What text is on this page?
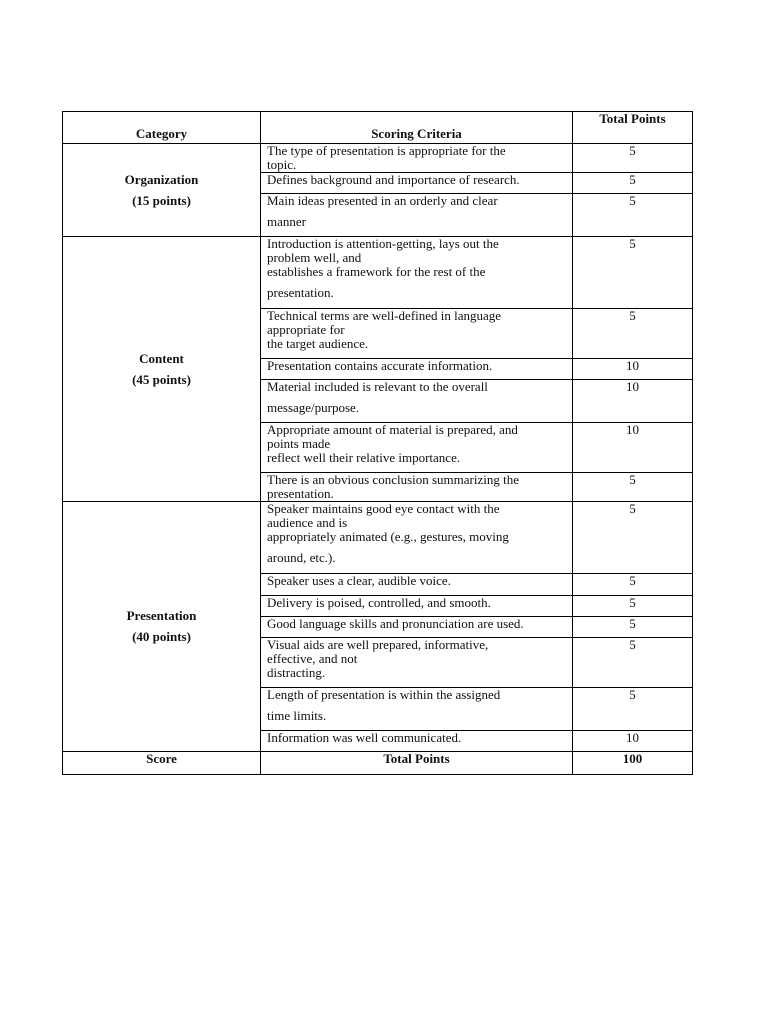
Category	Scoring Criteria	Total Points

Organization
(15 points)	The type of presentation is appropriate for the
topic.	5

	Defines background and importance of research.	5

	Main ideas presented in an orderly and clear
manner	5

Content
(45 points)	Introduction is attention-getting, lays out the
problem well, and
establishes a framework for the rest of the
presentation.	5

	Technical terms are well-defined in language
appropriate for
the target audience.	5

	Presentation contains accurate information.	10

	Material included is relevant to the overall
message/purpose.	10

	Appropriate amount of material is prepared, and
points made
reflect well their relative importance.	10

	There is an obvious conclusion summarizing the
presentation.	5

Presentation
(40 points)	Speaker maintains good eye contact with the
audience and is
appropriately animated (e.g., gestures, moving
around, etc.).	5

	Speaker uses a clear, audible voice.	5

	Delivery is poised, controlled, and smooth.	5

	Good language skills and pronunciation are used.	5

	Visual aids are well prepared, informative,
effective, and not
distracting.	5

	Length of presentation is within the assigned
time limits.	5

	Information was well communicated.	10
Score	Total Points	100
